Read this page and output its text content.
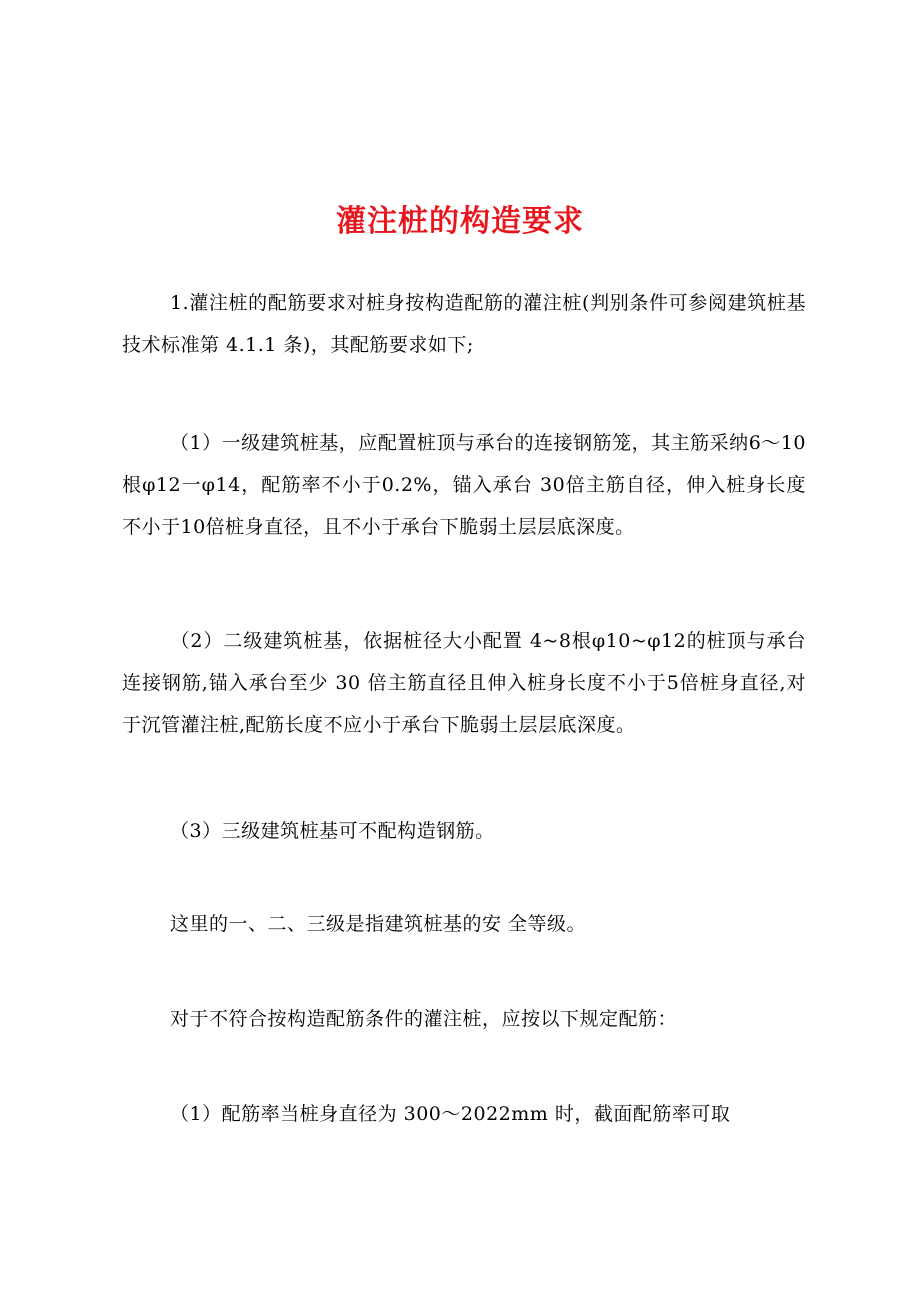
灌注桩的构造要求

1.灌注桩的配筋要求对桩身按构造配筋的灌注桩(判别条件可参阅建筑桩基技术标准第 4.1.1 条)，其配筋要求如下;

（1）一级建筑桩基，应配置桩顶与承台的连接钢筋笼，其主筋采纳6～10根φ12一φ14，配筋率不小于0.2%，锚入承台 30倍主筋自径，伸入桩身长度不小于10倍桩身直径，且不小于承台下脆弱土层层底深度。

（2）二级建筑桩基，依据桩径大小配置 4~8根φ10~φ12的桩顶与承台连接钢筋,锚入承台至少 30 倍主筋直径且伸入桩身长度不小于5倍桩身直径,对于沉管灌注桩,配筋长度不应小于承台下脆弱土层层底深度。

（3）三级建筑桩基可不配构造钢筋。

这里的一、二、三级是指建筑桩基的安 全等级。

对于不符合按构造配筋条件的灌注桩，应按以下规定配筋：

（1）配筋率当桩身直径为 300～2022mm 时，截面配筋率可取
